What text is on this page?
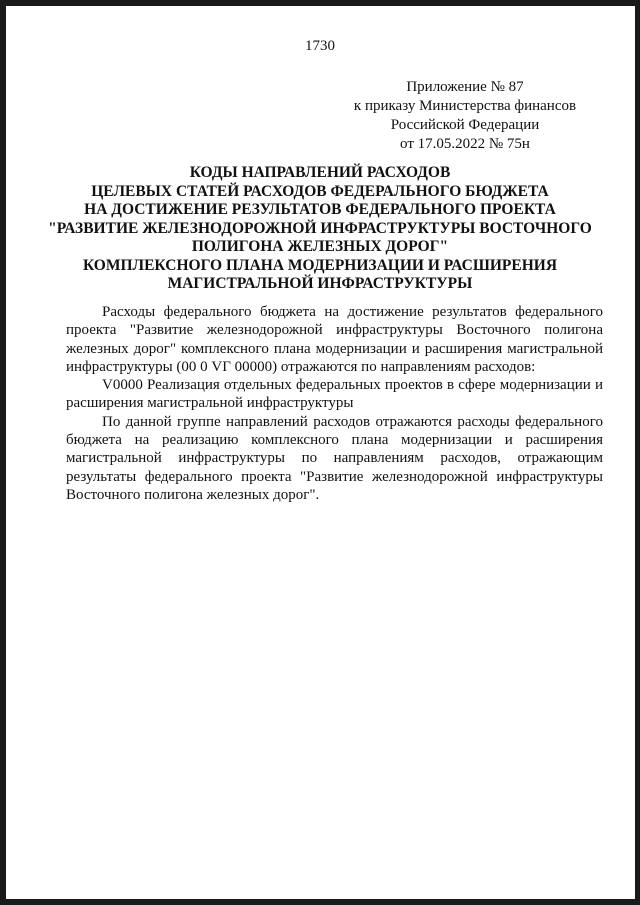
1730
Приложение № 87
к приказу Министерства финансов
Российской Федерации
от 17.05.2022 № 75н
КОДЫ НАПРАВЛЕНИЙ РАСХОДОВ
ЦЕЛЕВЫХ СТАТЕЙ РАСХОДОВ ФЕДЕРАЛЬНОГО БЮДЖЕТА
НА ДОСТИЖЕНИЕ РЕЗУЛЬТАТОВ ФЕДЕРАЛЬНОГО ПРОЕКТА
"РАЗВИТИЕ ЖЕЛЕЗНОДОРОЖНОЙ ИНФРАСТРУКТУРЫ ВОСТОЧНОГО
ПОЛИГОНА ЖЕЛЕЗНЫХ ДОРОГ"
КОМПЛЕКСНОГО ПЛАНА МОДЕРНИЗАЦИИ И РАСШИРЕНИЯ
МАГИСТРАЛЬНОЙ ИНФРАСТРУКТУРЫ

Расходы федерального бюджета на достижение результатов федерального проекта "Развитие железнодорожной инфраструктуры Восточного полигона железных дорог" комплексного плана модернизации и расширения магистральной инфраструктуры (00 0 VГ 00000) отражаются по направлениям расходов:

V0000 Реализация отдельных федеральных проектов в сфере модернизации и расширения магистральной инфраструктуры

По данной группе направлений расходов отражаются расходы федерального бюджета на реализацию комплексного плана модернизации и расширения магистральной инфраструктуры по направлениям расходов, отражающим результаты федерального проекта "Развитие железнодорожной инфраструктуры Восточного полигона железных дорог".
